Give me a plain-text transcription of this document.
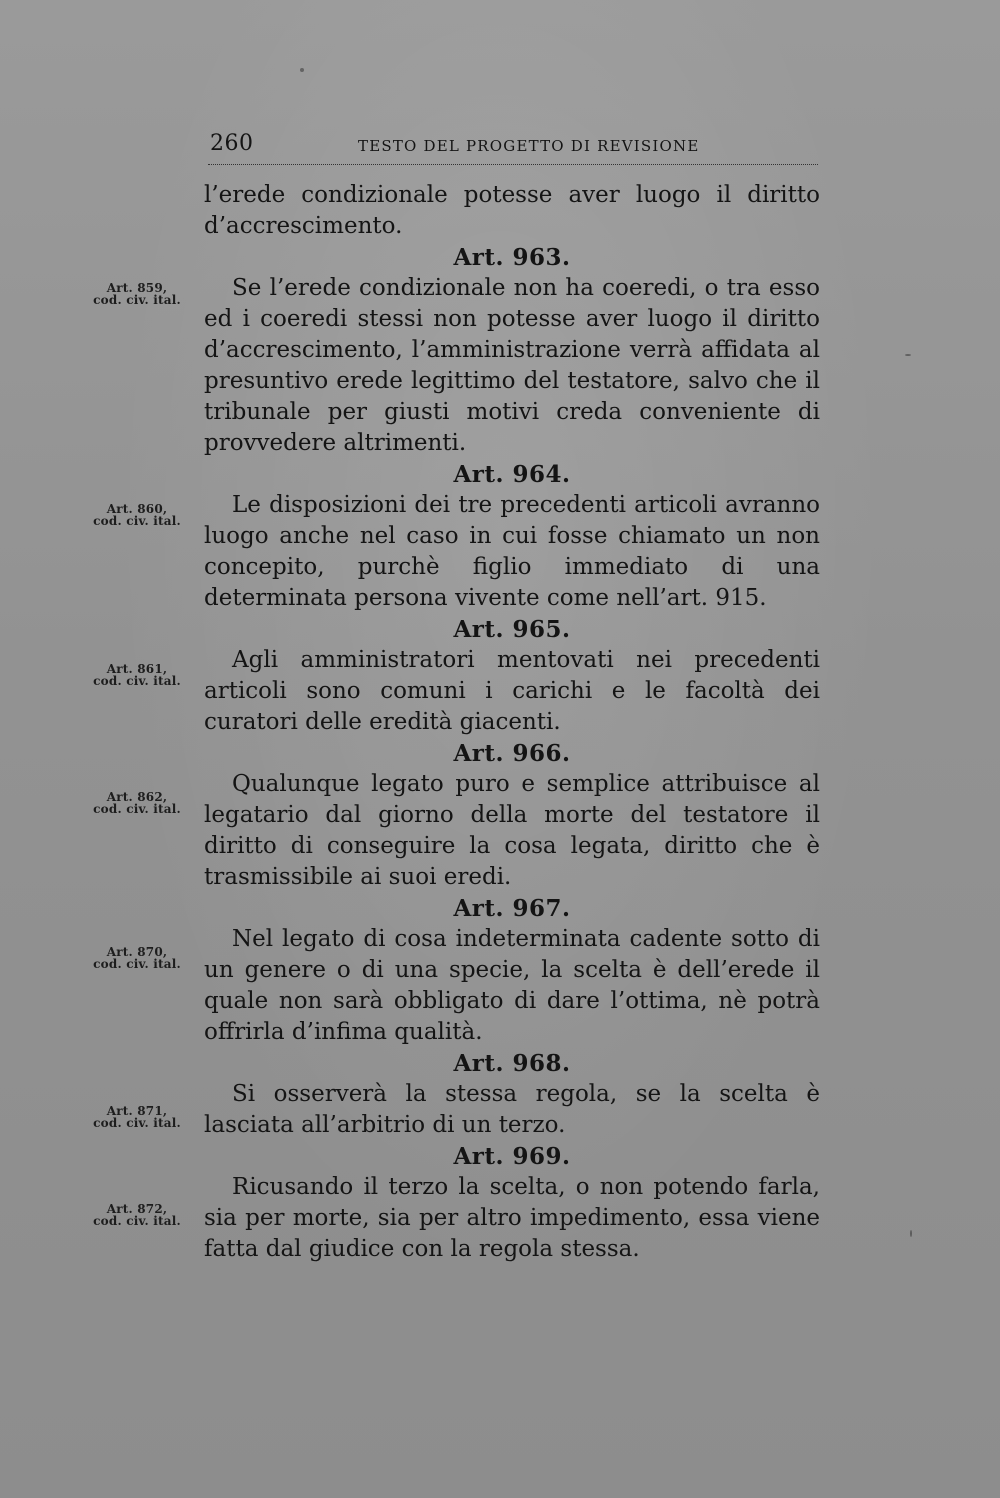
260	TESTO DEL PROGETTO DI REVISIONE

l’erede condizionale potesse aver luogo il diritto d’accrescimento.

Art. 963.

Se l’erede condizionale non ha coeredi, o tra esso ed i coeredi stessi non potesse aver luogo il diritto d’accrescimento, l’amministrazione verrà affidata al presuntivo erede legittimo del testatore, salvo che il tribunale per giusti motivi creda conveniente di provvedere altrimenti.

Art. 964.

Le disposizioni dei tre precedenti articoli avranno luogo anche nel caso in cui fosse chiamato un non concepito, purchè figlio immediato di una determinata persona vivente come nell’art. 915.

Art. 965.

Agli amministratori mentovati nei precedenti articoli sono comuni i carichi e le facoltà dei curatori delle eredità giacenti.

Art. 966.

Qualunque legato puro e semplice attribuisce al legatario dal giorno della morte del testatore il diritto di conseguire la cosa legata, diritto che è trasmissibile ai suoi eredi.

Art. 967.

Nel legato di cosa indeterminata cadente sotto di un genere o di una specie, la scelta è dell’erede il quale non sarà obbligato di dare l’ottima, nè potrà offrirla d’infima qualità.

Art. 968.

Si osserverà la stessa regola, se la scelta è lasciata all’arbitrio di un terzo.

Art. 969.

Ricusando il terzo la scelta, o non potendo farla, sia per morte, sia per altro impedimento, essa viene fatta dal giudice con la regola stessa.

Art. 859,
cod. civ. ital.
Art. 860,
cod. civ. ital.
Art. 861,
cod. civ. ital.
Art. 862,
cod. civ. ital.
Art. 870,
cod. civ. ital.
Art. 871,
cod. civ. ital.
Art. 872,
cod. civ. ital.
